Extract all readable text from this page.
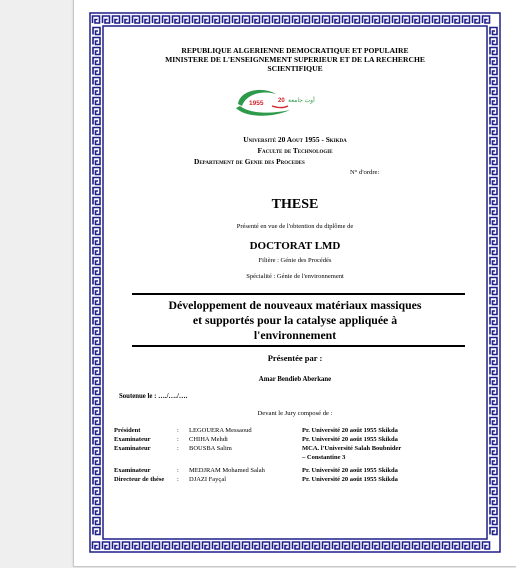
REPUBLIQUE ALGERIENNE DEMOCRATIQUE ET POPULAIRE
MINISTERE DE L'ENSEIGNEMENT SUPERIEUR ET DE LA RECHERCHE
SCIENTIFIQUE
1955 20 أوت جامعة
Université 20 Aout 1955 - Skikda
Faculte de Technologie
Departement de Genie des Procedes
N° d'ordre:
THESE
Présenté en vue de l'obtention du diplôme de
DOCTORAT LMD
Filière : Génie des Procédés
Spécialité : Génie de l'environnement
Développement de nouveaux matériaux massiques
et supportés pour la catalyse appliquée à
l'environnement
Présentée par :
Amar Bendieb Aberkane
Soutenue le : …./…./….
Devant le Jury composé de :
Président	: LEGOUERA Messaoud	Pr. Université 20 août 1955 Skikda
Examinateur	: CHIHA Mehdi	Pr. Université 20 août 1955 Skikda
Examinateur	: BOUSBA Salim	MCA. l'Université Salah Boubnider
– Constantine 3
Examinateur	: MEDJRAM Mohamed Salah	Pr. Université 20 août 1955 Skikda
Directeur de thèse : DJAZI Fayçal	Pr. Université 20 août 1955 Skikda
